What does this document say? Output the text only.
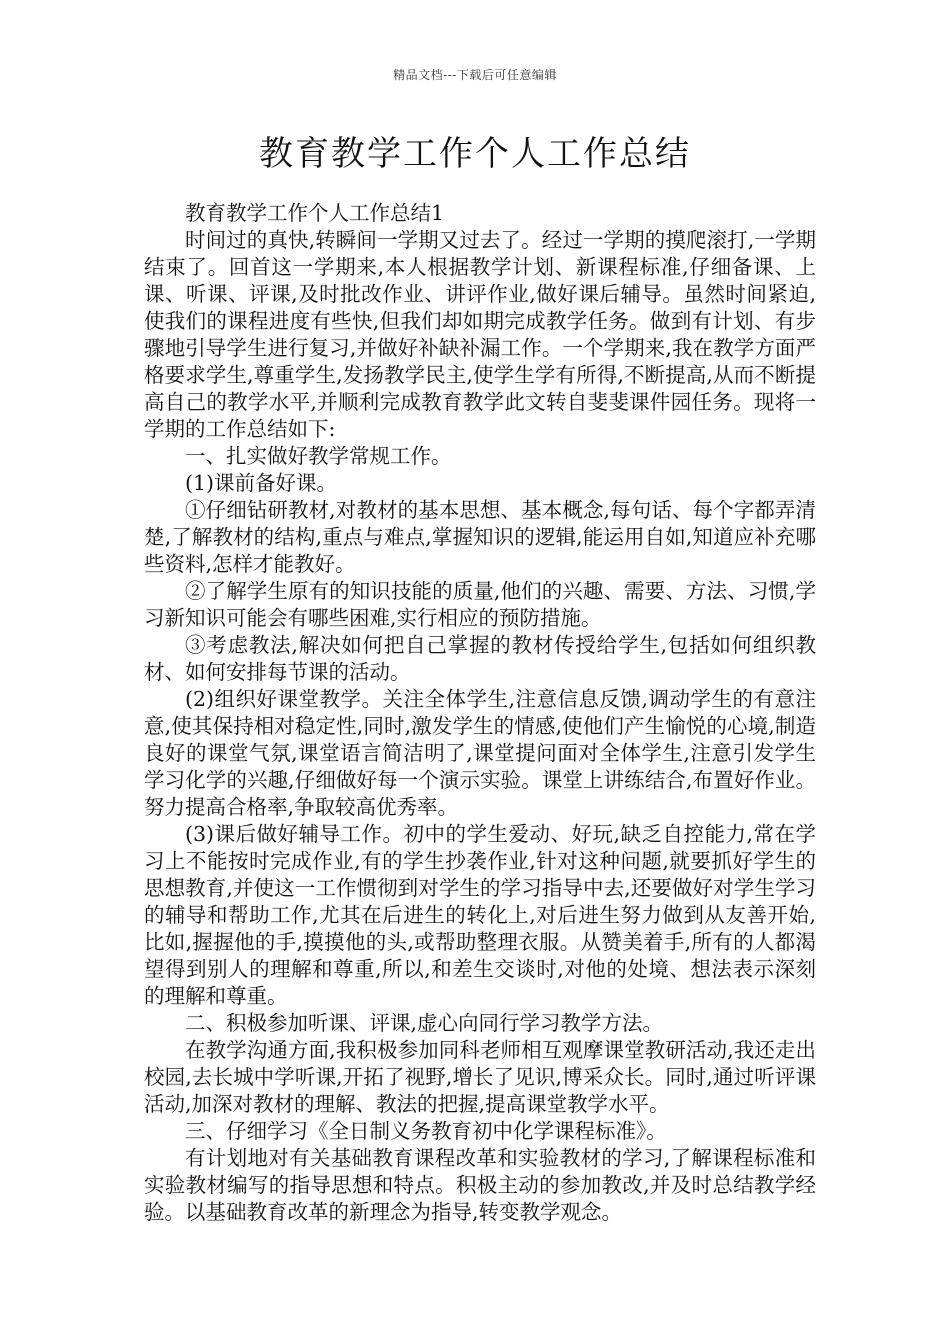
精品文档---下载后可任意编辑
教育教学工作个人工作总结

教育教学工作个人工作总结1

时间过的真快,转瞬间一学期又过去了。经过一学期的摸爬滚打,一学期结束了。回首这一学期来,本人根据教学计划、新课程标准,仔细备课、上课、听课、评课,及时批改作业、讲评作业,做好课后辅导。虽然时间紧迫,使我们的课程进度有些快,但我们却如期完成教学任务。做到有计划、有步骤地引导学生进行复习,并做好补缺补漏工作。一个学期来,我在教学方面严格要求学生,尊重学生,发扬教学民主,使学生学有所得,不断提高,从而不断提高自己的教学水平,并顺利完成教育教学此文转自斐斐课件园任务。现将一学期的工作总结如下:

一、扎实做好教学常规工作。

(1)课前备好课。

①仔细钻研教材,对教材的基本思想、基本概念,每句话、每个字都弄清楚,了解教材的结构,重点与难点,掌握知识的逻辑,能运用自如,知道应补充哪些资料,怎样才能教好。

②了解学生原有的知识技能的质量,他们的兴趣、需要、方法、习惯,学习新知识可能会有哪些困难,实行相应的预防措施。

③考虑教法,解决如何把自己掌握的教材传授给学生,包括如何组织教材、如何安排每节课的活动。

(2)组织好课堂教学。关注全体学生,注意信息反馈,调动学生的有意注意,使其保持相对稳定性,同时,激发学生的情感,使他们产生愉悦的心境,制造良好的课堂气氛,课堂语言简洁明了,课堂提问面对全体学生,注意引发学生学习化学的兴趣,仔细做好每一个演示实验。课堂上讲练结合,布置好作业。努力提高合格率,争取较高优秀率。

(3)课后做好辅导工作。初中的学生爱动、好玩,缺乏自控能力,常在学习上不能按时完成作业,有的学生抄袭作业,针对这种问题,就要抓好学生的思想教育,并使这一工作惯彻到对学生的学习指导中去,还要做好对学生学习的辅导和帮助工作,尤其在后进生的转化上,对后进生努力做到从友善开始,比如,握握他的手,摸摸他的头,或帮助整理衣服。从赞美着手,所有的人都渴望得到别人的理解和尊重,所以,和差生交谈时,对他的处境、想法表示深刻的理解和尊重。

二、积极参加听课、评课,虚心向同行学习教学方法。

在教学沟通方面,我积极参加同科老师相互观摩课堂教研活动,我还走出校园,去长城中学听课,开拓了视野,增长了见识,博采众长。同时,通过听评课活动,加深对教材的理解、教法的把握,提高课堂教学水平。

三、仔细学习《全日制义务教育初中化学课程标准》。

有计划地对有关基础教育课程改革和实验教材的学习,了解课程标准和实验教材编写的指导思想和特点。积极主动的参加教改,并及时总结教学经验。以基础教育改革的新理念为指导,转变教学观念。
